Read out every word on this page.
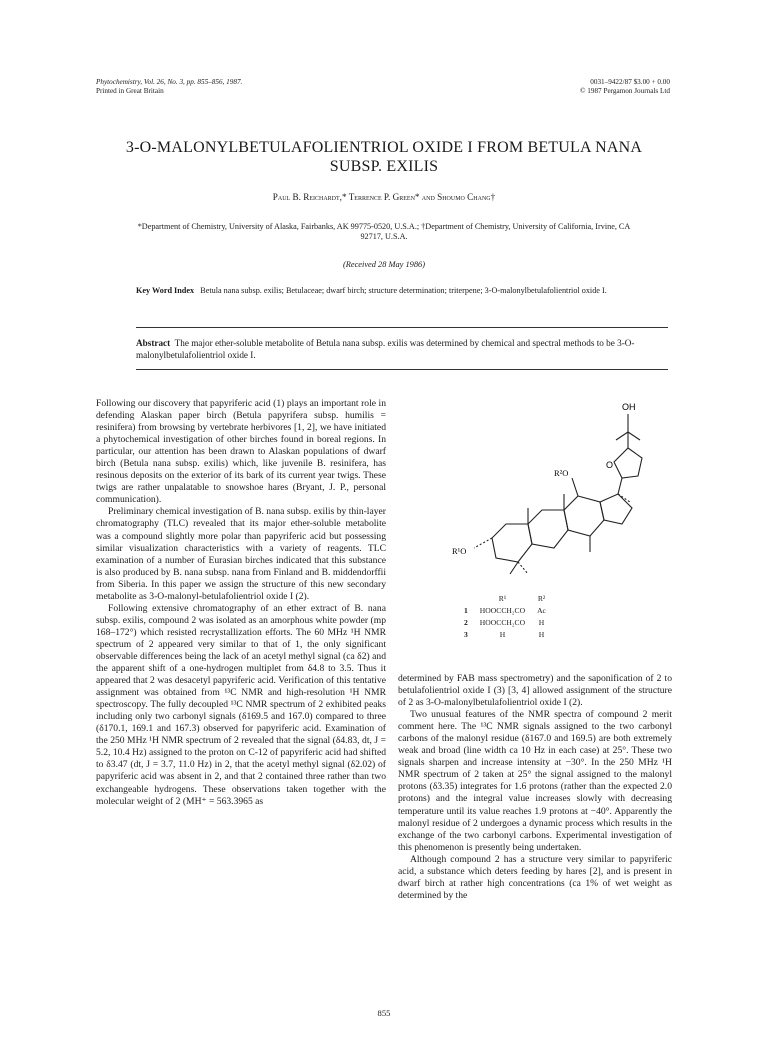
Phytochemistry, Vol. 26, No. 3, pp. 855–856, 1987.
Printed in Great Britain
0031–9422/87 $3.00 + 0.00
© 1987 Pergamon Journals Ltd
3-O-MALONYLBETULAFOLIENTRIOL OXIDE I FROM BETULA NANA
SUBSP. EXILIS
Paul B. Reichardt,* Terrence P. Green* and Shoumo Chang†
*Department of Chemistry, University of Alaska, Fairbanks, AK 99775-0520, U.S.A.; †Department of Chemistry, University of California, Irvine, CA 92717, U.S.A.
(Received 28 May 1986)
Key Word Index Betula nana subsp. exilis; Betulaceae; dwarf birch; structure determination; triterpene; 3-O-malonylbetulafolientriol oxide I.
Abstract The major ether-soluble metabolite of Betula nana subsp. exilis was determined by chemical and spectral methods to be 3-O-malonylbetulafolientriol oxide I.

Following our discovery that papyriferic acid (1) plays an important role in defending Alaskan paper birch (Betula papyrifera subsp. humilis = resinifera) from browsing by vertebrate herbivores [1, 2], we have initiated a phytochemical investigation of other birches found in boreal regions. In particular, our attention has been drawn to Alaskan populations of dwarf birch (Betula nana subsp. exilis) which, like juvenile B. resinifera, has resinous deposits on the exterior of its bark of its current year twigs. These twigs are rather unpalatable to snowshoe hares (Bryant, J. P., personal communication).

Preliminary chemical investigation of B. nana subsp. exilis by thin-layer chromatography (TLC) revealed that its major ether-soluble metabolite was a compound slightly more polar than papyriferic acid but possessing similar visualization characteristics with a variety of reagents. TLC examination of a number of Eurasian birches indicated that this substance is also produced by B. nana subsp. nana from Finland and B. middendorffii from Siberia. In this paper we assign the structure of this new secondary metabolite as 3-O-malonyl-betulafolientriol oxide I (2).

Following extensive chromatography of an ether extract of B. nana subsp. exilis, compound 2 was isolated as an amorphous white powder (mp 168–172°) which resisted recrystallization efforts. The 60 MHz ¹H NMR spectrum of 2 appeared very similar to that of 1, the only significant observable differences being the lack of an acetyl methyl signal (ca δ2) and the apparent shift of a one-hydrogen multiplet from δ4.8 to 3.5. Thus it appeared that 2 was desacetyl papyriferic acid. Verification of this tentative assignment was obtained from ¹³C NMR and high-resolution ¹H NMR spectroscopy. The fully decoupled ¹³C NMR spectrum of 2 exhibited peaks including only two carbonyl signals (δ169.5 and 167.0) compared to three (δ170.1, 169.1 and 167.3) observed for papyriferic acid. Examination of the 250 MHz ¹H NMR spectrum of 2 revealed that the signal (δ4.83, dt, J = 5.2, 10.4 Hz) assigned to the proton on C-12 of papyriferic acid had shifted to δ3.47 (dt, J = 3.7, 11.0 Hz) in 2, that the acetyl methyl signal (δ2.02) of papyriferic acid was absent in 2, and that 2 contained three rather than two exchangeable hydrogens. These observations taken together with the molecular weight of 2 (MH⁺ = 563.3965 as

OH
O
R²O
R¹O
	R¹	R²
1	HOOCCH₂CO	Ac
2	HOOCCH₂CO	H
3	H	H

determined by FAB mass spectrometry) and the saponification of 2 to betulafolientriol oxide I (3) [3, 4] allowed assignment of the structure of 2 as 3-O-malonylbetulafolientriol oxide I (2).

Two unusual features of the NMR spectra of compound 2 merit comment here. The ¹³C NMR signals assigned to the two carbonyl carbons of the malonyl residue (δ167.0 and 169.5) are both extremely weak and broad (line width ca 10 Hz in each case) at 25°. These two signals sharpen and increase intensity at −30°. In the 250 MHz ¹H NMR spectrum of 2 taken at 25° the signal assigned to the malonyl protons (δ3.35) integrates for 1.6 protons (rather than the expected 2.0 protons) and the integral value increases slowly with decreasing temperature until its value reaches 1.9 protons at −40°. Apparently the malonyl residue of 2 undergoes a dynamic process which results in the exchange of the two carbonyl carbons. Experimental investigation of this phenomenon is presently being undertaken.

Although compound 2 has a structure very similar to papyriferic acid, a substance which deters feeding by hares [2], and is present in dwarf birch at rather high concentrations (ca 1% of wet weight as determined by the

855
